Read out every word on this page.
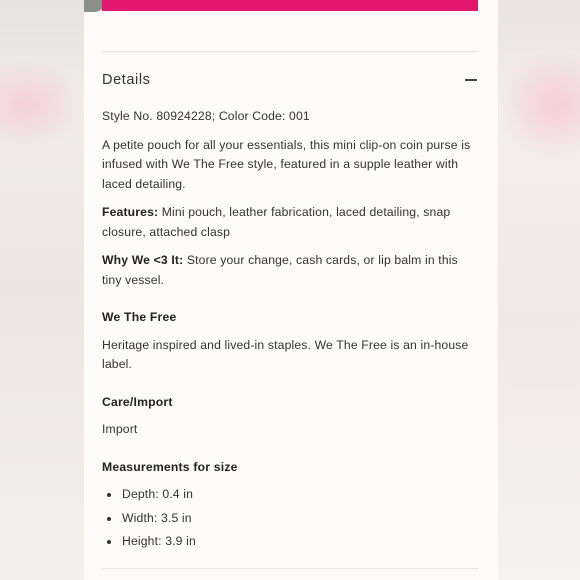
Details

Style No. 80924228; Color Code: 001

A petite pouch for all your essentials, this mini clip-on coin purse is infused with We The Free style, featured in a supple leather with laced detailing.

Features: Mini pouch, leather fabrication, laced detailing, snap closure, attached clasp

Why We <3 It: Store your change, cash cards, or lip balm in this tiny vessel.

We The Free

Heritage inspired and lived-in staples. We The Free is an in-house label.

Care/Import

Import

Measurements for size
• Depth: 0.4 in
• Width: 3.5 in
• Height: 3.9 in
